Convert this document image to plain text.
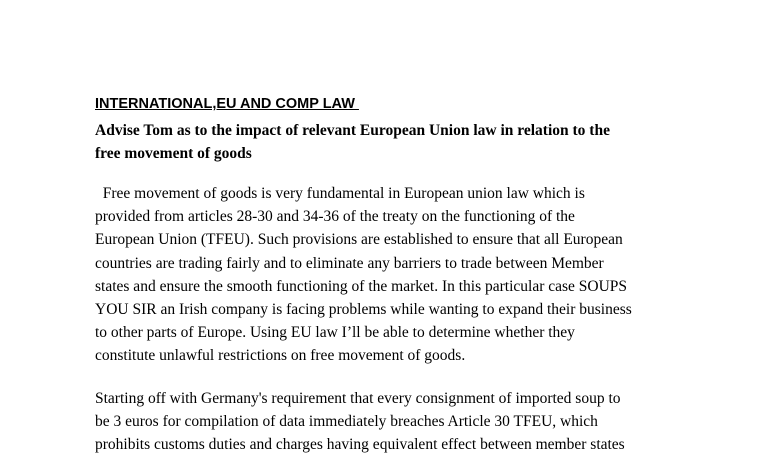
INTERNATIONAL,EU AND COMP LAW
Advise Tom as to the impact of relevant European Union law in relation to the
free movement of goods
Free movement of goods is very fundamental in European union law which is
provided from articles 28-30 and 34-36 of the treaty on the functioning of the
European Union (TFEU). Such provisions are established to ensure that all European
countries are trading fairly and to eliminate any barriers to trade between Member
states and ensure the smooth functioning of the market. In this particular case SOUPS
YOU SIR an Irish company is facing problems while wanting to expand their business
to other parts of Europe. Using EU law I’ll be able to determine whether they
constitute unlawful restrictions on free movement of goods.
Starting off with Germany's requirement that every consignment of imported soup to
be 3 euros for compilation of data immediately breaches Article 30 TFEU, which
prohibits customs duties and charges having equivalent effect between member states
